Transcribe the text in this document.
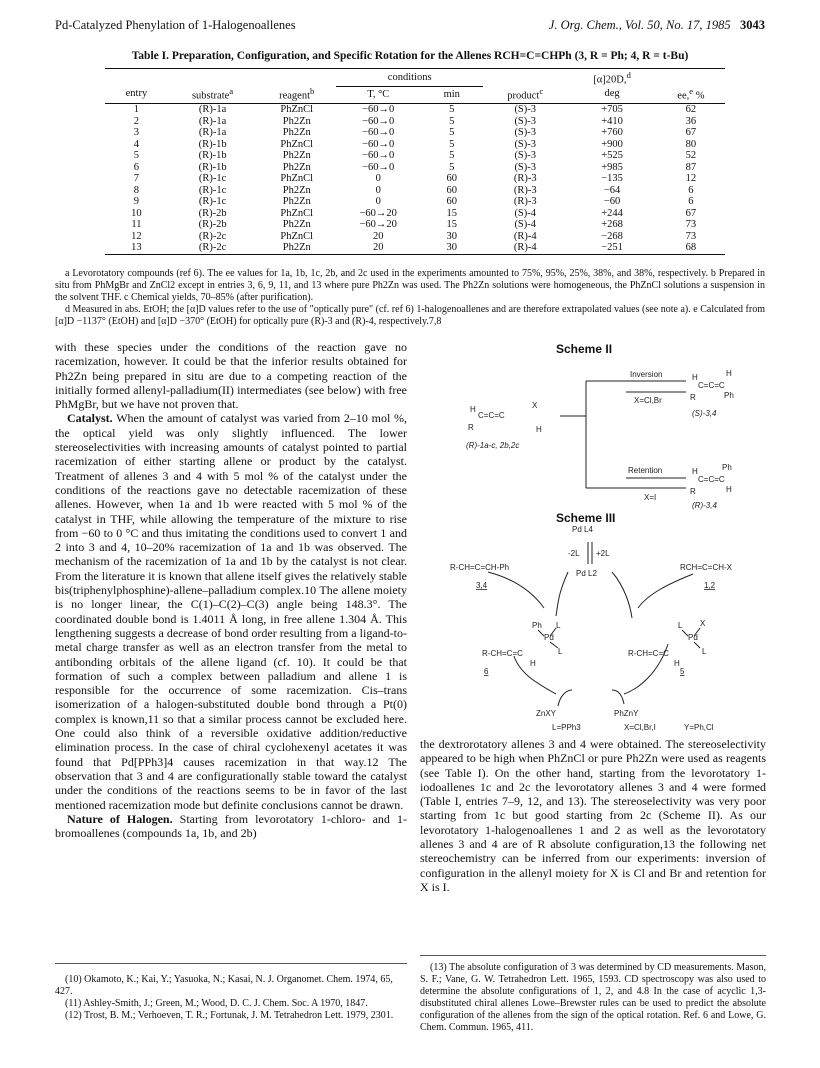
Pd-Catalyzed Phenylation of 1-Halogenoallenes	J. Org. Chem., Vol. 50, No. 17, 1985 3043
Table I. Preparation, Configuration, and Specific Rotation for the Allenes RCH=C=CHPh (3, R = Ph; 4, R = t-Bu)
			conditions			[α]20D,$^d$	
entry	substrate$^a$	reagent$^b$	T, °C	min	product$^c$	deg	ee,$^e$ %
1	(R)-1a	PhZnCl	−60→0	5	(S)-3	+705	62
2	(R)-1a	Ph2Zn	−60→0	5	(S)-3	+410	36
3	(R)-1a	Ph2Zn	−60→0	5	(S)-3	+760	67
4	(R)-1b	PhZnCl	−60→0	5	(S)-3	+900	80
5	(R)-1b	Ph2Zn	−60→0	5	(S)-3	+525	52
6	(R)-1b	Ph2Zn	−60→0	5	(S)-3	+985	87
7	(R)-1c	PhZnCl	0	60	(R)-3	−135	12
8	(R)-1c	Ph2Zn	0	60	(R)-3	−64	6
9	(R)-1c	Ph2Zn	0	60	(R)-3	−60	6
10	(R)-2b	PhZnCl	−60→20	15	(S)-4	+244	67
11	(R)-2b	Ph2Zn	−60→20	15	(S)-4	+268	73
12	(R)-2c	PhZnCl	20	30	(R)-4	−268	73
13	(R)-2c	Ph2Zn	20	30	(R)-4	−251	68

a Levorotatory compounds (ref 6). The ee values for 1a, 1b, 1c, 2b, and 2c used in the experiments amounted to 75%, 95%, 25%, 38%, and 38%, respectively. b Prepared in situ from PhMgBr and ZnCl2 except in entries 3, 6, 9, 11, and 13 where pure Ph2Zn was used. The Ph2Zn solutions were homogeneous, the PhZnCl solutions a suspension in the solvent THF. c Chemical yields, 70–85% (after purification).

d Measured in abs. EtOH; the [α]D values refer to the use of "optically pure" (cf. ref 6) 1-halogenoallenes and are therefore extrapolated values (see note a). e Calculated from [α]D −1137° (EtOH) and [α]D −370° (EtOH) for optically pure (R)-3 and (R)-4, respectively.7,8

with these species under the conditions of the reaction gave no racemization, however. It could be that the inferior results obtained for Ph2Zn being prepared in situ are due to a competing reaction of the initially formed allenyl-palladium(II) intermediates (see below) with free PhMgBr, but we have not proven that.

Catalyst. When the amount of catalyst was varied from 2–10 mol %, the optical yield was only slightly influenced. The lower stereoselectivities with increasing amounts of catalyst pointed to partial racemization of either starting allene or product by the catalyst. Treatment of allenes 3 and 4 with 5 mol % of the catalyst under the conditions of the reactions gave no detectable racemization of these allenes. However, when 1a and 1b were reacted with 5 mol % of the catalyst in THF, while allowing the temperature of the mixture to rise from −60 to 0 °C and thus imitating the conditions used to convert 1 and 2 into 3 and 4, 10–20% racemization of 1a and 1b was observed. The mechanism of the racemization of 1a and 1b by the catalyst is not clear. From the literature it is known that allene itself gives the relatively stable bis(triphenylphosphine)-allene–palladium complex.10 The allene moiety is no longer linear, the C(1)–C(2)–C(3) angle being 148.3°. The coordinated double bond is 1.4011 Å long, in free allene 1.304 Å. This lengthening suggests a decrease of bond order resulting from a ligand-to-metal charge transfer as well as an electron transfer from the metal to antibonding orbitals of the allene ligand (cf. 10). It could be that formation of such a complex between palladium and allene 1 is responsible for the occurrence of some racemization. Cis–trans isomerization of a halogen-substituted double bond through a Pt(0) complex is known,11 so that a similar process cannot be excluded here. One could also think of a reversible oxidative addition/reductive elimination process. In the case of chiral cyclohexenyl acetates it was found that Pd[PPh3]4 causes racemization in that way.12 The observation that 3 and 4 are configurationally stable toward the catalyst under the conditions of the reactions seems to be in favor of the last mentioned racemization mode but definite conclusions cannot be drawn.

Nature of Halogen. Starting from levorotatory 1-chloro- and 1-bromoallenes (compounds 1a, 1b, and 2b)

Scheme II
Inversion
X=Cl,Br
Retention
X=I
H
C=C=C
R
X
H
(R)-1a-c, 2b,2c
H
C=C=C
R
H
Ph
(S)-3,4
H
C=C=C
R
Ph
H
(R)-3,4
Scheme III
Pd L4
-2L +2L
Pd L2
R-CH=C=CH-Ph
3,4
RCH=C=CH-X
1,2
Ph L
Pd
R-CH=C=C	L
H
6
L X
Pd
R-CH=C=C	L
H
5
ZnXY	PhZnY
L=PPh3	X=Cl,Br,I	Y=Ph,Cl

the dextrorotatory allenes 3 and 4 were obtained. The stereoselectivity appeared to be high when PhZnCl or pure Ph2Zn were used as reagents (see Table I). On the other hand, starting from the levorotatory 1-iodoallenes 1c and 2c the levorotatory allenes 3 and 4 were formed (Table I, entries 7–9, 12, and 13). The stereoselectivity was very poor starting from 1c but good starting from 2c (Scheme II). As our levorotatory 1-halogenoallenes 1 and 2 as well as the levorotatory allenes 3 and 4 are of R absolute configuration,13 the following net stereochemistry can be inferred from our experiments: inversion of configuration in the allenyl moiety for X is Cl and Br and retention for X is I.

(10) Okamoto, K.; Kai, Y.; Yasuoka, N.; Kasai, N. J. Organomet. Chem. 1974, 65, 427.

(11) Ashley-Smith, J.; Green, M.; Wood, D. C. J. Chem. Soc. A 1970, 1847.

(12) Trost, B. M.; Verhoeven, T. R.; Fortunak, J. M. Tetrahedron Lett. 1979, 2301.

(13) The absolute configuration of 3 was determined by CD measurements. Mason, S. F.; Vane, G. W. Tetrahedron Lett. 1965, 1593. CD spectroscopy was also used to determine the absolute configurations of 1, 2, and 4.8 In the case of acyclic 1,3-disubstituted chiral allenes Lowe–Brewster rules can be used to predict the absolute configuration of the allenes from the sign of the optical rotation. Ref. 6 and Lowe, G. Chem. Commun. 1965, 411.
